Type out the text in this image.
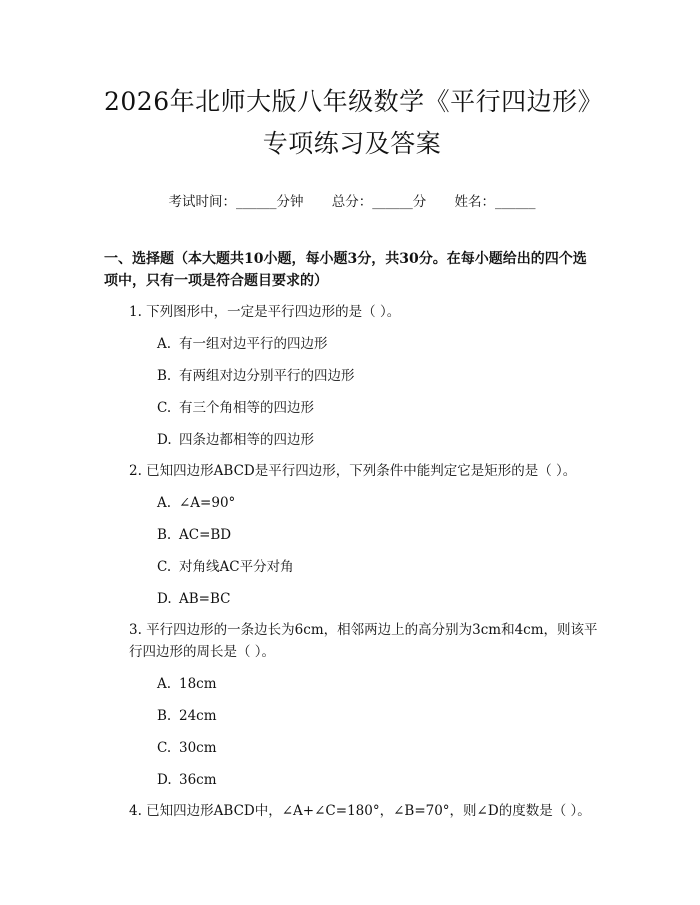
2026年北师大版八年级数学《平行四边形》
专项练习及答案
考试时间：______分钟 总分：______分 姓名：______
一、选择题（本大题共10小题，每小题3分，共30分。在每小题给出的四个选项中，只有一项是符合题目要求的）
1. 下列图形中，一定是平行四边形的是（ ）。
A. 有一组对边平行的四边形
B. 有两组对边分别平行的四边形
C. 有三个角相等的四边形
D. 四条边都相等的四边形
2. 已知四边形ABCD是平行四边形，下列条件中能判定它是矩形的是（ ）。
A. ∠A=90°
B. AC=BD
C. 对角线AC平分对角
D. AB=BC
3. 平行四边形的一条边长为6cm，相邻两边上的高分别为3cm和4cm，则该平行四边形的周长是（ ）。
A. 18cm
B. 24cm
C. 30cm
D. 36cm
4. 已知四边形ABCD中，∠A+∠C=180°，∠B=70°，则∠D的度数是（ ）。
